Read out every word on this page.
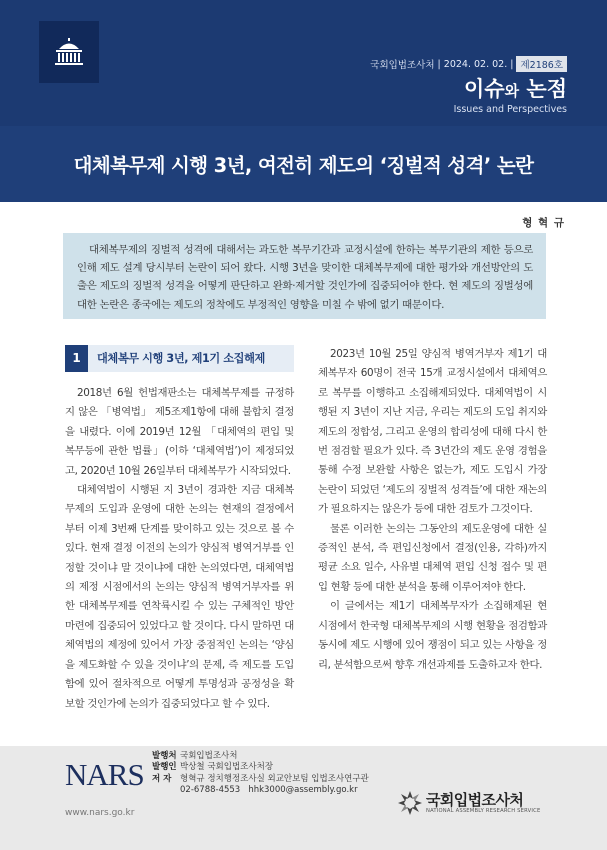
국회입법조사처 | 2024. 02. 02. | 제2186호
이슈와 논점
Issues and Perspectives
대체복무제 시행 3년, 여전히 제도의 ‘징벌적 성격’ 논란
형 혁 규

대체복무제의 징벌적 성격에 대해서는 과도한 복무기간과 교정시설에 한하는 복무기관의 제한 등으로 인해 제도 설계 당시부터 논란이 되어 왔다. 시행 3년을 맞이한 대체복무제에 대한 평가와 개선방안의 도출은 제도의 징벌적 성격을 어떻게 판단하고 완화·제거할 것인가에 집중되어야 한다. 현 제도의 징벌성에 대한 논란은 종국에는 제도의 정착에도 부정적인 영향을 미칠 수 밖에 없기 때문이다.

1	대체복무 시행 3년, 제1기 소집해제

2018년 6월 헌법재판소는 대체복무제를 규정하지 않은 「병역법」 제5조제1항에 대해 불합치 결정을 내렸다. 이에 2019년 12월 「대체역의 편입 및 복무등에 관한 법률」(이하 ‘대체역법’)이 제정되었고, 2020년 10월 26일부터 대체복무가 시작되었다.

대체역법이 시행된 지 3년이 경과한 지금 대체복무제의 도입과 운영에 대한 논의는 현재의 결정에서부터 이제 3번째 단계를 맞이하고 있는 것으로 볼 수 있다. 현재 결정 이전의 논의가 양심적 병역거부를 인정할 것이냐 말 것이냐에 대한 논의였다면, 대체역법의 제정 시점에서의 논의는 양심적 병역거부자를 위한 대체복무제를 연착륙시킬 수 있는 구체적인 방안 마련에 집중되어 있었다고 할 것이다. 다시 말하면 대체역법의 제정에 있어서 가장 중점적인 논의는 ‘양심을 제도화할 수 있을 것이냐’의 문제, 즉 제도를 도입함에 있어 절차적으로 어떻게 투명성과 공정성을 확보할 것인가에 논의가 집중되었다고 할 수 있다.

2023년 10월 25일 양심적 병역거부자 제1기 대체복무자 60명이 전국 15개 교정시설에서 대체역으로 복무를 이행하고 소집해제되었다. 대체역법이 시행된 지 3년이 지난 지금, 우리는 제도의 도입 취지와 제도의 정합성, 그리고 운영의 합리성에 대해 다시 한번 점검할 필요가 있다. 즉 3년간의 제도 운영 경험을 통해 수정 보완할 사항은 없는가, 제도 도입시 가장 논란이 되었던 ‘제도의 징벌적 성격들’에 대한 재논의가 필요하지는 않은가 등에 대한 검토가 그것이다.

물론 이러한 논의는 그동안의 제도운영에 대한 실증적인 분석, 즉 편입신청에서 결정(인용, 각하)까지 평균 소요 일수, 사유별 대체역 편입 신청 접수 및 편입 현황 등에 대한 분석을 통해 이루어져야 한다.

이 글에서는 제1기 대체복무자가 소집해제된 현 시점에서 한국형 대체복무제의 시행 현황을 점검함과 동시에 제도 시행에 있어 쟁점이 되고 있는 사항을 정리, 분석함으로써 향후 개선과제를 도출하고자 한다.

NARS
www.nars.go.kr
발행처 국회입법조사처
발행인 박상철 국회입법조사처장
저 자 형혁규 정치행정조사실 외교안보팀 입법조사연구관
02-6788-4553 hhk3000@assembly.go.kr
국회입법조사처
NATIONAL ASSEMBLY RESEARCH SERVICE
